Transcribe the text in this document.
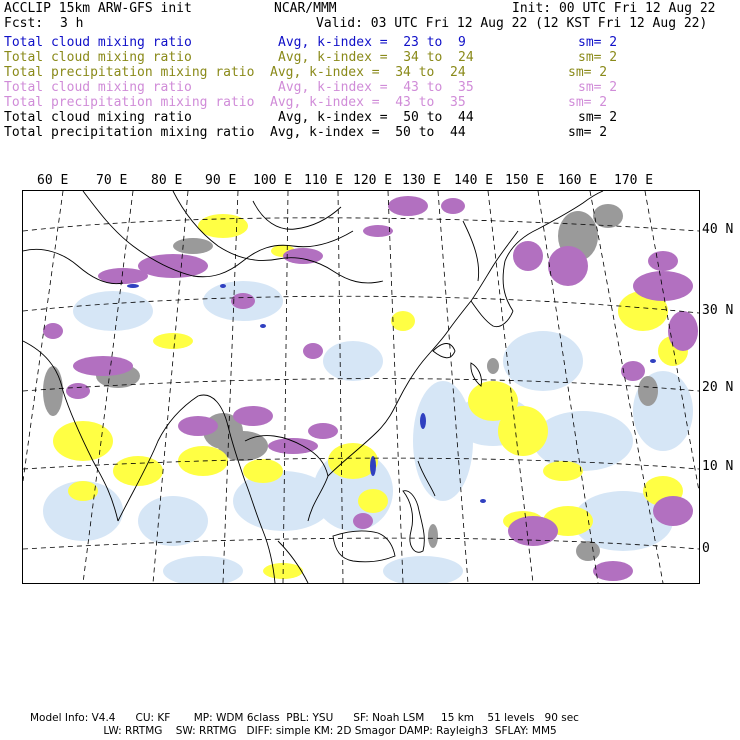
ACCLIP 15km ARW-GFS init	NCAR/MMM	Init: 00 UTC Fri 12 Aug 22
Fcst: 3 h	Valid: 03 UTC Fri 12 Aug 22 (12 KST Fri 12 Aug 22)
Total cloud mixing ratio	Avg, k-index =  23 to  9	sm= 2
Total cloud mixing ratio	Avg, k-index =  34 to  24	sm= 2
Total precipitation mixing ratio Avg, k-index =  34 to  24	sm= 2
Total cloud mixing ratio	Avg, k-index =  43 to  35	sm= 2
Total precipitation mixing ratio Avg, k-index =  43 to  35	sm= 2
Total cloud mixing ratio	Avg, k-index =  50 to  44	sm= 2
Total precipitation mixing ratio Avg, k-index =  50 to  44	sm= 2
60 E 70 E 80 E 90 E 100 E 110 E 120 E 130 E 140 E 150 E 160 E 170 E
40 N
30 N
20 N
10 N
0
Model Info: V4.4      CU: KF       MP: WDM 6class  PBL: YSU      SF: Noah LSM     15 km    51 levels   90 sec
LW: RRTMG    SW: RRTMG   DIFF: simple KM: 2D Smagor DAMP: Rayleigh3  SFLAY: MM5
